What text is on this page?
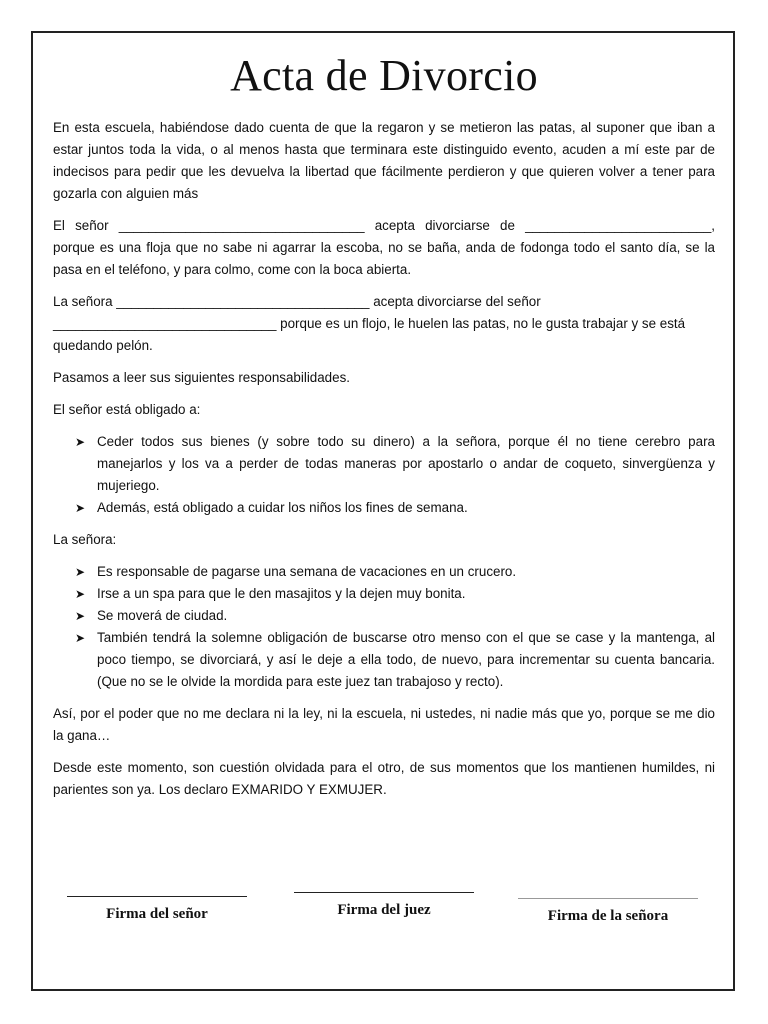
Acta de Divorcio

En esta escuela, habiéndose dado cuenta de que la regaron y se metieron las patas, al suponer que iban a estar juntos toda la vida, o al menos hasta que terminara este distinguido evento, acuden a mí este par de indecisos para pedir que les devuelva la libertad que fácilmente perdieron y que quieren volver a tener para gozarla con alguien más

El señor _________________________________ acepta divorciarse de _________________________, porque es una floja que no sabe ni agarrar la escoba, no se baña, anda de fodonga todo el santo día, se la pasa en el teléfono, y para colmo, come con la boca abierta.

La señora __________________________________ acepta divorciarse del señor
______________________________ porque es un flojo, le huelen las patas, no le gusta trabajar y se está quedando pelón.

Pasamos a leer sus siguientes responsabilidades.

El señor está obligado a:

➤ Ceder todos sus bienes (y sobre todo su dinero) a la señora, porque él no tiene cerebro para manejarlos y los va a perder de todas maneras por apostarlo o andar de coqueto, sinvergüenza y mujeriego.
➤ Además, está obligado a cuidar los niños los fines de semana.

La señora:

➤ Es responsable de pagarse una semana de vacaciones en un crucero.
➤ Irse a un spa para que le den masajitos y la dejen muy bonita.
➤ Se moverá de ciudad.
➤ También tendrá la solemne obligación de buscarse otro menso con el que se case y la mantenga, al poco tiempo, se divorciará, y así le deje a ella todo, de nuevo, para incrementar su cuenta bancaria. (Que no se le olvide la mordida para este juez tan trabajoso y recto).

Así, por el poder que no me declara ni la ley, ni la escuela, ni ustedes, ni nadie más que yo, porque se me dio la gana…

Desde este momento, son cuestión olvidada para el otro, de sus momentos que los mantienen humildes, ni parientes son ya. Los declaro EXMARIDO Y EXMUJER.

Firma del señor	Firma del juez	Firma de la señora
